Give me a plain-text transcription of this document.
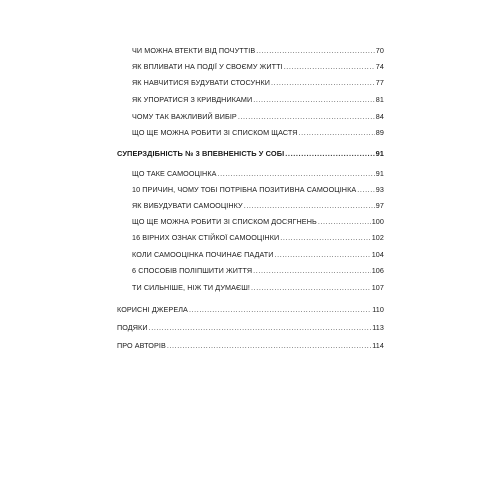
ЧИ МОЖНА ВТЕКТИ ВІД ПОЧУТТІВ .....	70
ЯК ВПЛИВАТИ НА ПОДІЇ У СВОЄМУ ЖИТТІ .....	74
ЯК НАВЧИТИСЯ БУДУВАТИ СТОСУНКИ .....	77
ЯК УПОРАТИСЯ З КРИВДНИКАМИ .....	81
ЧОМУ ТАК ВАЖЛИВИЙ ВИБІР .....	84
ЩО ЩЕ МОЖНА РОБИТИ ЗІ СПИСКОМ ЩАСТЯ .....	89
СУПЕРЗДІБНІСТЬ № 3 ВПЕВНЕНІСТЬ У СОБІ .....	91
ЩО ТАКЕ САМООЦІНКА .....	91
10 ПРИЧИН, ЧОМУ ТОБІ ПОТРІБНА ПОЗИТИВНА САМООЦІНКА .....	93
ЯК ВИБУДУВАТИ САМООЦІНКУ .....	97
ЩО ЩЕ МОЖНА РОБИТИ ЗІ СПИСКОМ ДОСЯГНЕНЬ .....	100
16 ВІРНИХ ОЗНАК СТІЙКОЇ САМООЦІНКИ .....	102
КОЛИ САМООЦІНКА ПОЧИНАЄ ПАДАТИ .....	104
6 СПОСОБІВ ПОЛІПШИТИ ЖИТТЯ .....	106
ТИ СИЛЬНІШЕ, НІЖ ТИ ДУМАЄШ! .....	107
КОРИСНІ ДЖЕРЕЛА .....	110
ПОДЯКИ .....	113
ПРО АВТОРІВ .....	114
